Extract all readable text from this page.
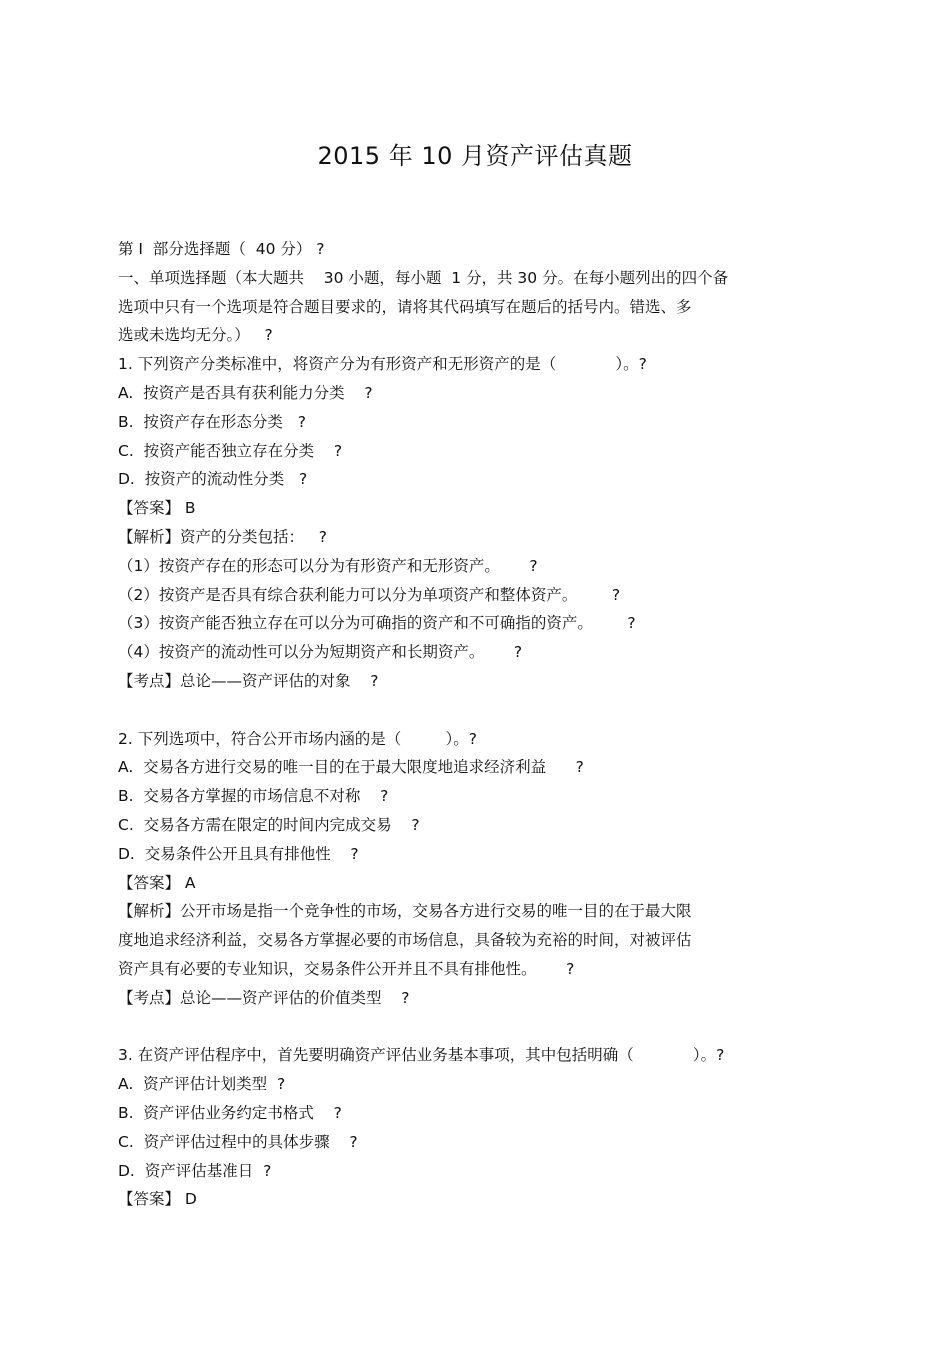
2015 年 10 月资产评估真题
第 I  部分选择题（  40 分） ?
一、单项选择题（本大题共    30 小题，每小题  1 分，共 30 分。在每小题列出的四个备
选项中只有一个选项是符合题目要求的，请将其代码填写在题后的括号内。错选、多
选或未选均无分。）   ?
1. 下列资产分类标准中，将资产分为有形资产和无形资产的是（            ）。?
A.  按资产是否具有获利能力分类    ?
B.  按资产存在形态分类   ?
C.  按资产能否独立存在分类    ?
D.  按资产的流动性分类   ?
【答案】 B
【解析】资产的分类包括：   ?
（1）按资产存在的形态可以分为有形资产和无形资产。      ?
（2）按资产是否具有综合获利能力可以分为单项资产和整体资产。       ?
（3）按资产能否独立存在可以分为可确指的资产和不可确指的资产。       ?
（4）按资产的流动性可以分为短期资产和长期资产。      ?
【考点】总论——资产评估的对象    ?
2. 下列选项中，符合公开市场内涵的是（         ）。?
A.  交易各方进行交易的唯一目的在于最大限度地追求经济利益      ?
B.  交易各方掌握的市场信息不对称    ?
C.  交易各方需在限定的时间内完成交易    ?
D.  交易条件公开且具有排他性    ?
【答案】 A
【解析】公开市场是指一个竞争性的市场，交易各方进行交易的唯一目的在于最大限
度地追求经济利益，交易各方掌握必要的市场信息，具备较为充裕的时间，对被评估
资产具有必要的专业知识，交易条件公开并且不具有排他性。      ?
【考点】总论——资产评估的价值类型    ?
3. 在资产评估程序中，首先要明确资产评估业务基本事项，其中包括明确（            ）。?
A.  资产评估计划类型  ?
B.  资产评估业务约定书格式    ?
C.  资产评估过程中的具体步骤    ?
D.  资产评估基准日  ?
【答案】 D
